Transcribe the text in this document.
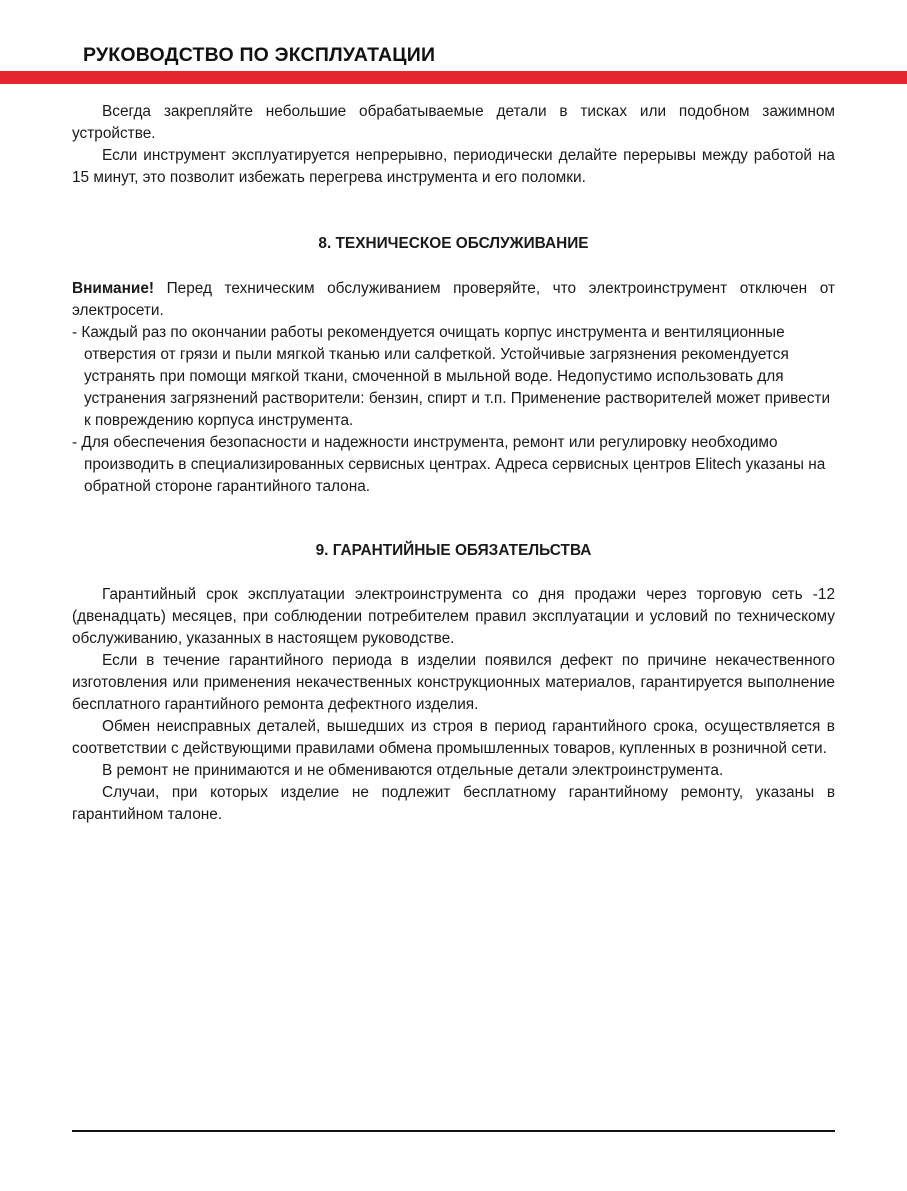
РУКОВОДСТВО ПО ЭКСПЛУАТАЦИИ

Всегда закрепляйте небольшие обрабатываемые детали в тисках или подобном зажимном устройстве.

Если инструмент эксплуатируется непрерывно, периодически делайте перерывы между работой на 15 минут, это позволит избежать перегрева инструмента и его поломки.

8. ТЕХНИЧЕСКОЕ ОБСЛУЖИВАНИЕ

Внимание! Перед техническим обслуживанием проверяйте, что электроинструмент отключен от электросети.

- Каждый раз по окончании работы рекомендуется очищать корпус инструмента и вентиляционные отверстия от грязи и пыли мягкой тканью или салфеткой. Устойчивые загрязнения рекомендуется устранять при помощи мягкой ткани, смоченной в мыльной воде. Недопустимо использовать для устранения загрязнений растворители: бензин, спирт и т.п. Применение растворителей может привести к повреждению корпуса инструмента.

- Для обеспечения безопасности и надежности инструмента, ремонт или регулировку необходимо производить в специализированных сервисных центрах. Адреса сервисных центров Elitech указаны на обратной стороне гарантийного талона.

9. ГАРАНТИЙНЫЕ ОБЯЗАТЕЛЬСТВА

Гарантийный срок эксплуатации электроинструмента со дня продажи через торговую сеть -12 (двенадцать) месяцев, при соблюдении потребителем правил эксплуатации и условий по техническому обслуживанию, указанных в настоящем руководстве.

Если в течение гарантийного периода в изделии появился дефект по причине некачественного изготовления или применения некачественных конструкционных материалов, гарантируется выполнение бесплатного гарантийного ремонта дефектного изделия.

Обмен неисправных деталей, вышедших из строя в период гарантийного срока, осуществляется в соответствии с действующими правилами обмена промышленных товаров, купленных в розничной сети.

В ремонт не принимаются и не обмениваются отдельные детали электроинструмента.

Случаи, при которых изделие не подлежит бесплатному гарантийному ремонту, указаны в гарантийном талоне.
